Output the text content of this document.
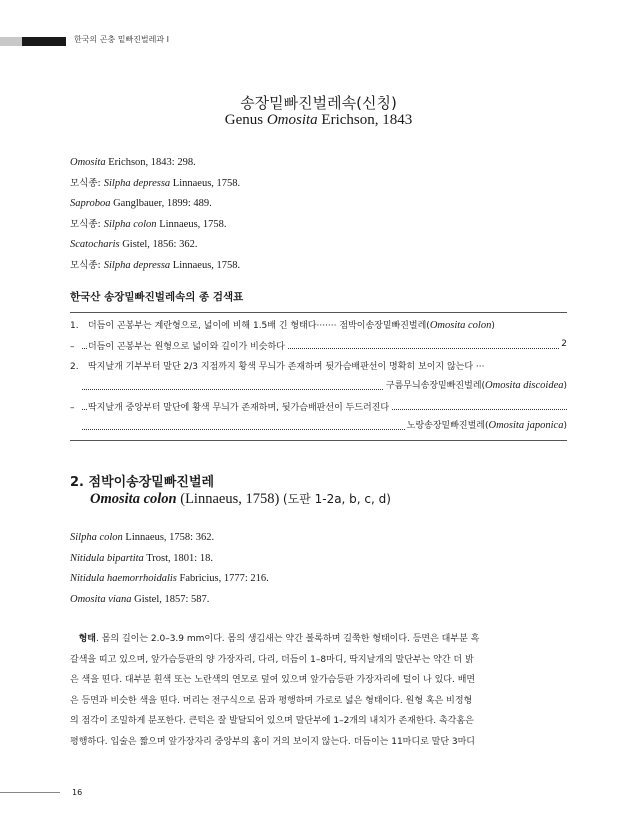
한국의 곤충 밑빠진벌레과 I
송장밑빠진벌레속(신칭)
Genus Omosita Erichson, 1843
Omosita Erichson, 1843: 298.
모식종: Silpha depressa Linnaeus, 1758.
Saproboa Ganglbauer, 1899: 489.
모식종: Silpha colon Linnaeus, 1758.
Scatocharis Gistel, 1856: 362.
모식종: Silpha depressa Linnaeus, 1758.
한국산 송장밑빠진벌레속의 종 검색표
1. 더듬이 곤봉부는 계란형으로, 넓이에 비해 1.5배 긴 형태다······· 점박이송장밑빠진벌레(Omosita colon)
– 더듬이 곤봉부는 원형으로 넓이와 길이가 비슷하다	2
2. 딱지날개 기부부터 말단 2/3 지점까지 황색 무늬가 존재하며 뒷가슴배판선이 명확히 보이지 않는다 ···
구름무늬송장밑빠진벌레(Omosita discoidea)
– 딱지날개 중앙부터 말단에 황색 무늬가 존재하며, 뒷가슴배판선이 두드러진다
노랑송장밑빠진벌레(Omosita japonica)
2. 점박이송장밑빠진벌레
Omosita colon (Linnaeus, 1758) (도판 1-2a, b, c, d)
Silpha colon Linnaeus, 1758: 362.
Nitidula bipartita Trost, 1801: 18.
Nitidula haemorrhoidalis Fabricius, 1777: 216.
Omosita viana Gistel, 1857: 587.
형태. 몸의 길이는 2.0–3.9 mm이다. 몸의 생김새는 약간 볼록하며 길쭉한 형태이다. 등면은 대부분 흑
갈색을 띠고 있으며, 앞가슴등판의 양 가장자리, 다리, 더듬이 1–8마디, 딱지날개의 말단부는 약간 더 밝
은 색을 띤다. 대부분 흰색 또는 노란색의 연모로 덮여 있으며 앞가슴등판 가장자리에 털이 나 있다. 배면
은 등면과 비슷한 색을 띤다. 머리는 전구식으로 몸과 평행하며 가로로 넓은 형태이다. 원형 혹은 비정형
의 점각이 조밀하게 분포한다. 큰턱은 잘 발달되어 있으며 말단부에 1–2개의 내치가 존재한다. 촉각홈은
평행하다. 입술은 짧으며 앞가장자리 중앙부의 홈이 거의 보이지 않는다. 더듬이는 11마디로 말단 3마디
16
